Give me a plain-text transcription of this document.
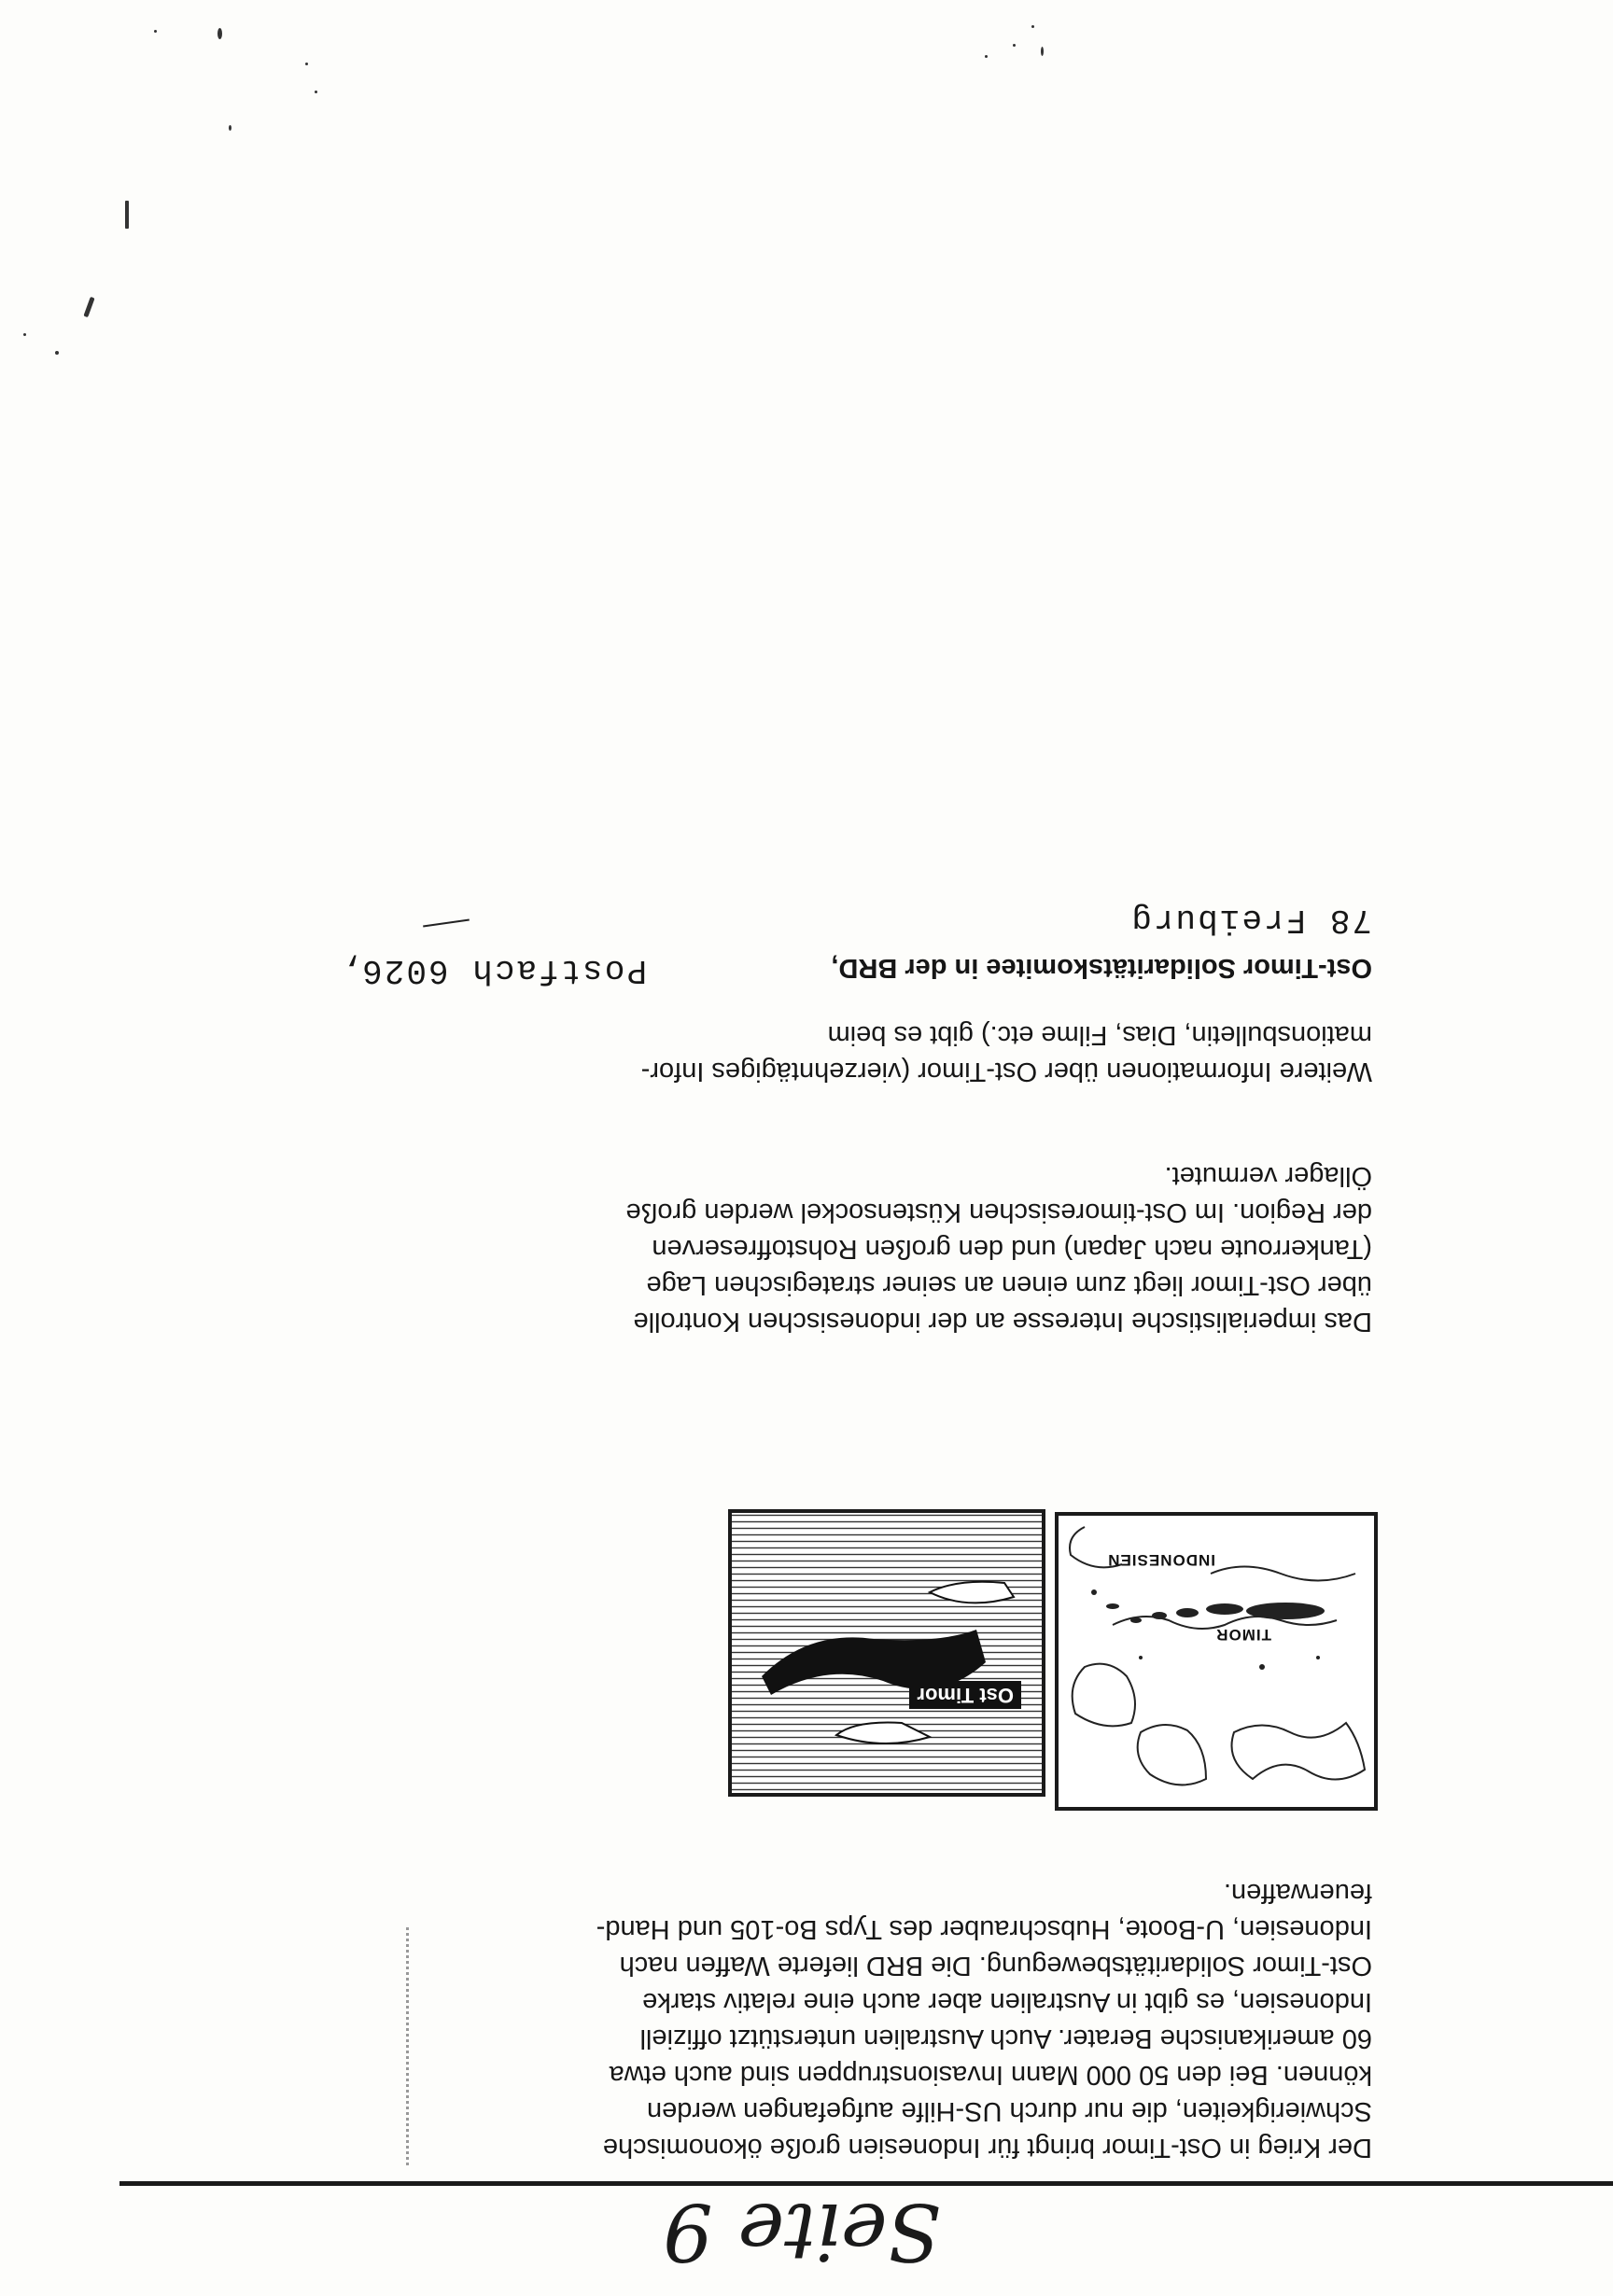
Seite 9

Der Krieg in Ost-Timor bringt für Indonesien große ökonomische

Schwierigkeiten, die nur durch US-Hilfe aufgefangen werden

können. Bei den 50 000 Mann Invasionstruppen sind auch etwa

60 amerikanische Berater. Auch Australien unterstützt offiziell

Indonesien, es gibt in Australien aber auch eine relativ starke

Ost-Timor Solidaritätsbewegung. Die BRD lieferte Waffen nach

Indonesien, U-Boote, Hubschrauber des Typs Bo-105 und Hand-

feuerwaffen.

TIMOR
INDONESIEN
Ost Timor

Das imperialistische Interesse an der indonesischen Kontrolle

über Ost-Timor liegt zum einen an seiner strategischen Lage

(Tankerroute nach Japan) und den großen Rohstoffreserven

der Region. Im Ost-timoresischen Küstensockel werden große

Öllager vermutet.

Weitere Informationen über Ost-Timor (vierzehntägiges Infor-

mationsbulletin, Dias, Filme etc.) gibt es beim

Ost-Timor Solidaritätskomitee in der BRD,
Postfach 6026,
78 Freiburg
